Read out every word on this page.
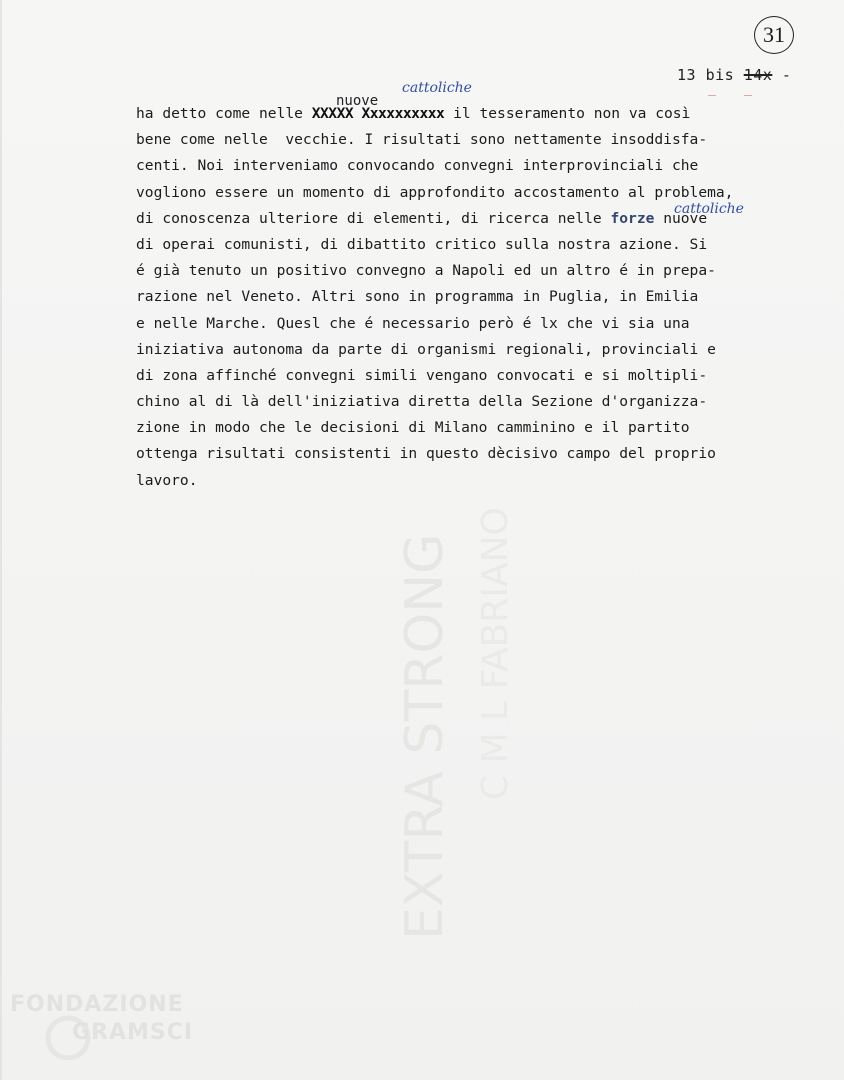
31
13 bis 14x -
cattoliche
nuove
cattoliche
ha detto come nelle XXXXX Xxxxxxxxxx il tesseramento non va così
bene come nelle  vecchie. I risultati sono nettamente insoddisfa-
centi. Noi interveniamo convocando convegni interprovinciali che
vogliono essere un momento di approfondito accostamento al problema,
di conoscenza ulteriore di elementi, di ricerca nelle forze nuove
di operai comunisti, di dibattito critico sulla nostra azione. Si
é già tenuto un positivo convegno a Napoli ed un altro é in prepa-
razione nel Veneto. Altri sono in programma in Puglia, in Emilia
e nelle Marche. Quesl che é necessario però é lx che vi sia una
iniziativa autonoma da parte di organismi regionali, provinciali e
di zona affinché convegni simili vengano convocati e si moltipli-
chino al di là dell'iniziativa diretta della Sezione d'organizza-
zione in modo che le decisioni di Milano camminino e il partito
ottenga risultati consistenti in questo dècisivo campo del proprio
lavoro.
EXTRA STRONG C M L FABRIANO
FONDAZIONE
GRAMSCI
